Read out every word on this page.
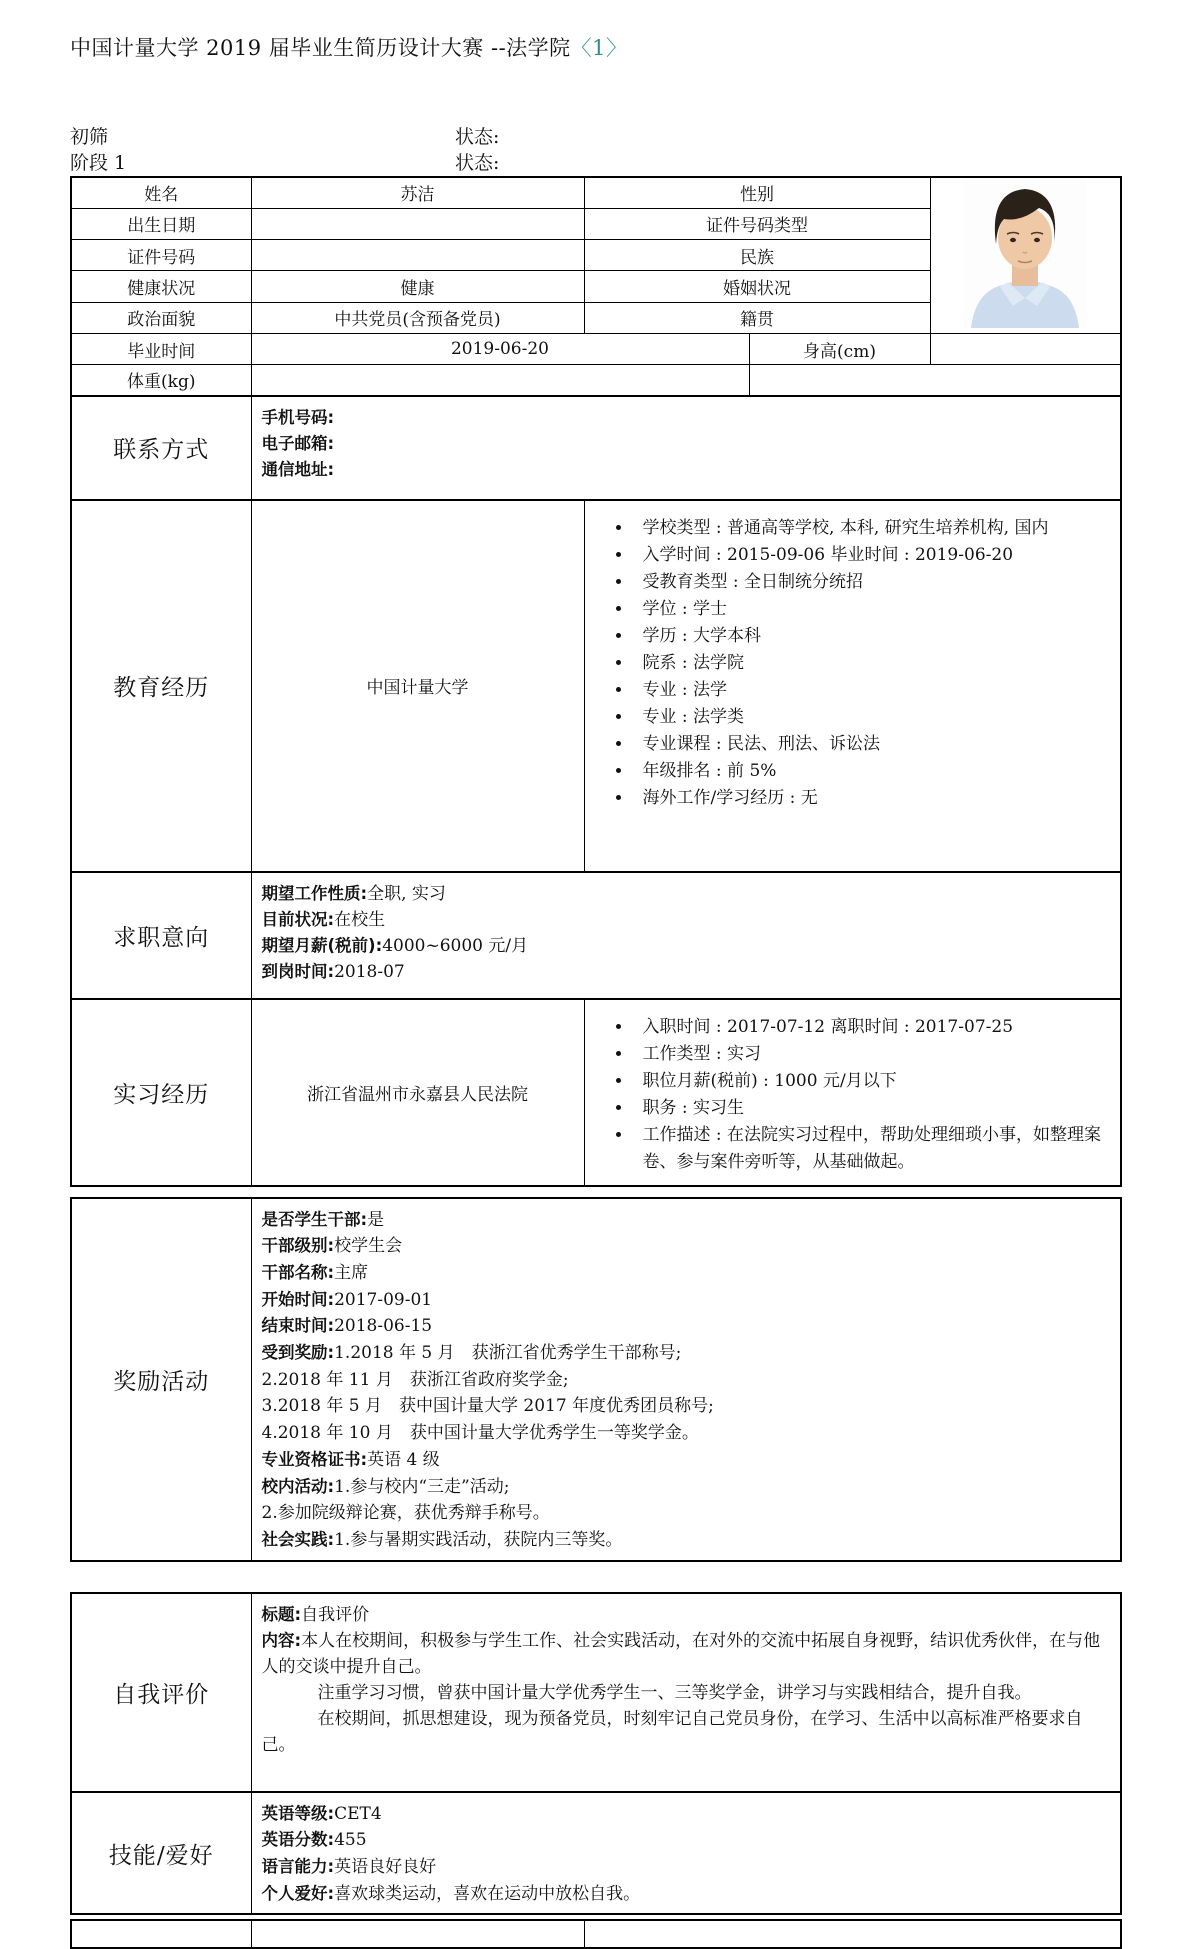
中国计量大学 2019 届毕业生简历设计大赛 --法学院〈1〉
初筛	状态:
阶段 1	状态:
姓名	苏洁	性别	
出生日期		证件号码类型		
证件号码		民族		
健康状况	健康	婚姻状况		
政治面貌	中共党员(含预备党员)	籍贯		
毕业时间	2019-06-20		身高(cm)	
体重(kg)				
联系方式	手机号码:
电子邮箱:
通信地址:			

教育经历	中国计量大学	
• 学校类型 : 普通高等学校, 本科, 研究生培养机构, 国内
• 入学时间 : 2015-09-06 毕业时间 : 2019-06-20
• 受教育类型 : 全日制统分统招
• 学位 : 学士
• 学历 : 大学本科
• 院系 : 法学院
• 专业 : 法学
• 专业 : 法学类
• 专业课程 : 民法、刑法、诉讼法
• 年级排名 : 前 5%
• 海外工作/学习经历 : 无

求职意向	期望工作性质:全职, 实习
目前状况:在校生
期望月薪(税前):4000~6000 元/月
到岗时间:2018-07			

实习经历	浙江省温州市永嘉县人民法院	
• 入职时间 : 2017-07-12 离职时间 : 2017-07-25
• 工作类型 : 实习
• 职位月薪(税前) : 1000 元/月以下
• 职务 : 实习生
• 工作描述 : 在法院实习过程中，帮助处理细琐小事，如整理案卷、参与案件旁听等，从基础做起。
奖励活动	
是否学生干部:是
干部级别:校学生会
干部名称:主席
开始时间:2017-09-01
结束时间:2018-06-15
受到奖励:1.2018 年 5 月　获浙江省优秀学生干部称号;
2.2018 年 11 月　获浙江省政府奖学金;
3.2018 年 5 月　获中国计量大学 2017 年度优秀团员称号;
4.2018 年 10 月　获中国计量大学优秀学生一等奖学金。
专业资格证书:英语 4 级
校内活动:1.参与校内“三走”活动;
2.参加院级辩论赛，获优秀辩手称号。
社会实践:1.参与暑期实践活动，获院内三等奖。
自我评价	标题:自我评价
内容:本人在校期间，积极参与学生工作、社会实践活动，在对外的交流中拓展自身视野，结识优秀伙伴，在与他人的交谈中提升自己。
注重学习习惯，曾获中国计量大学优秀学生一、三等奖学金，讲学习与实践相结合，提升自我。
在校期间，抓思想建设，现为预备党员，时刻牢记自己党员身份，在学习、生活中以高标准严格要求自己。

技能/爱好	英语等级:CET4
英语分数:455
语言能力:英语良好良好
个人爱好:喜欢球类运动，喜欢在运动中放松自我。
